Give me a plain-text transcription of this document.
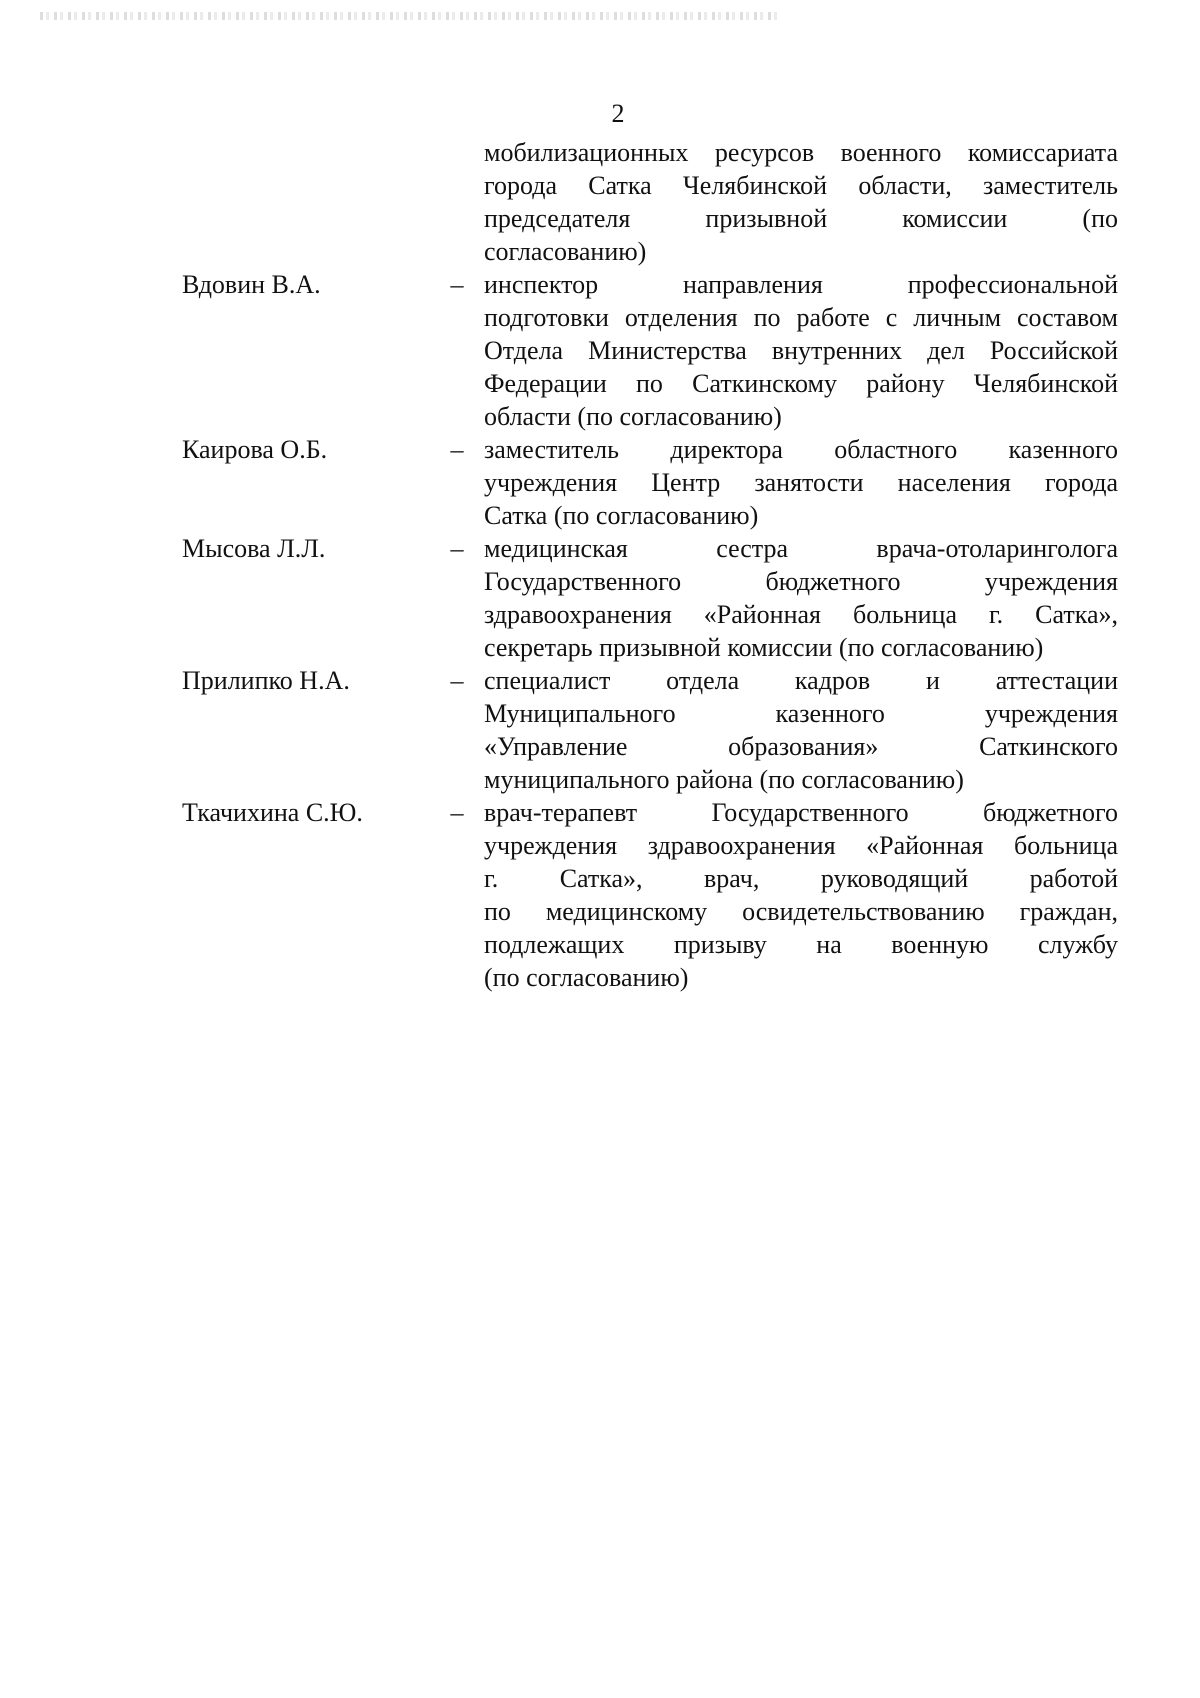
2
мобилизационных ресурсов военного комиссариата
города Сатка Челябинской области, заместитель
председателя призывной комиссии (по
согласованию)
Вдовин В.А.	– инспектор направления профессиональной
подготовки отделения по работе с личным составом
Отдела Министерства внутренних дел Российской
Федерации по Саткинскому району Челябинской
области (по согласованию)
Каирова О.Б.	– заместитель директора областного казенного
учреждения Центр занятости населения города
Сатка (по согласованию)
Мысова Л.Л.	– медицинская сестра врача-отоларинголога
Государственного бюджетного учреждения
здравоохранения «Районная больница г. Сатка»,
секретарь призывной комиссии (по согласованию)
Прилипко Н.А.	– специалист отдела кадров и аттестации
Муниципального казенного учреждения
«Управление образования» Саткинского
муниципального района (по согласованию)
Ткачихина С.Ю.	– врач-терапевт Государственного бюджетного
учреждения здравоохранения «Районная больница
г. Сатка», врач, руководящий работой
по медицинскому освидетельствованию граждан,
подлежащих призыву на военную службу
(по согласованию)
